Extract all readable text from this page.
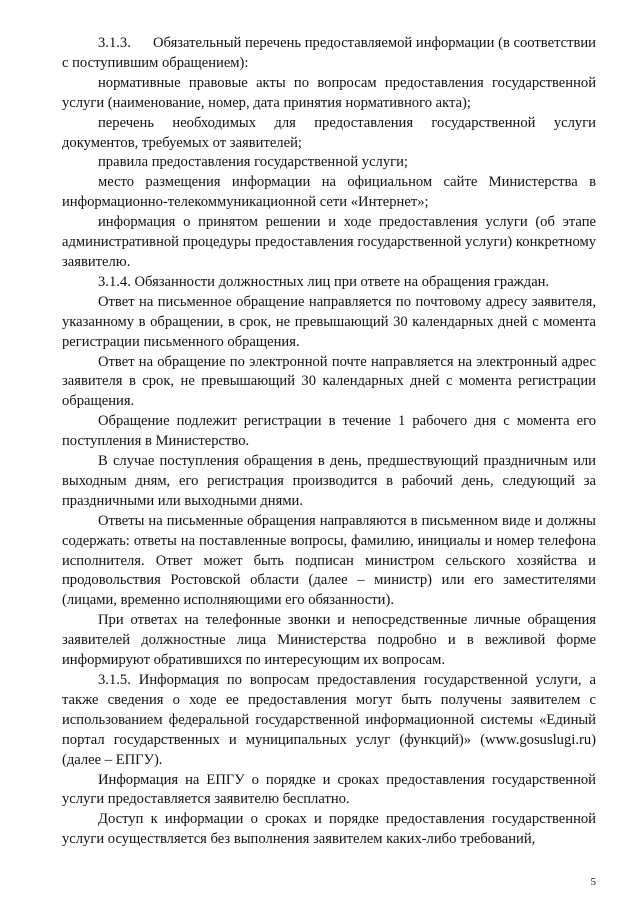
3.1.3.      Обязательный перечень предоставляемой информации (в соответствии с поступившим обращением):

нормативные правовые акты по вопросам предоставления государственной услуги (наименование, номер, дата принятия нормативного акта);

перечень необходимых для предоставления государственной услуги документов, требуемых от заявителей;

правила предоставления государственной услуги;

место размещения информации на официальном сайте Министерства в информационно-телекоммуникационной сети «Интернет»;

информация о принятом решении и ходе предоставления услуги (об этапе административной процедуры предоставления государственной услуги) конкретному заявителю.

3.1.4. Обязанности должностных лиц при ответе на обращения граждан.

Ответ на письменное обращение направляется по почтовому адресу заявителя, указанному в обращении, в срок, не превышающий 30 календарных дней с момента регистрации письменного обращения.

Ответ на обращение по электронной почте направляется на электронный адрес заявителя в срок, не превышающий 30 календарных дней с момента регистрации обращения.

Обращение подлежит регистрации в течение 1 рабочего дня с момента его поступления в Министерство.

В случае поступления обращения в день, предшествующий праздничным или выходным дням, его регистрация производится в рабочий день, следующий за праздничными или выходными днями.

Ответы на письменные обращения направляются в письменном виде и должны содержать: ответы на поставленные вопросы, фамилию, инициалы и номер телефона исполнителя. Ответ может быть подписан министром сельского хозяйства и продовольствия Ростовской области (далее – министр) или его заместителями (лицами, временно исполняющими его обязанности).

При ответах на телефонные звонки и непосредственные личные обращения заявителей должностные лица Министерства подробно и в вежливой форме информируют обратившихся по интересующим их вопросам.

3.1.5. Информация по вопросам предоставления государственной услуги, а также сведения о ходе ее предоставления могут быть получены заявителем с использованием федеральной государственной информационной системы «Единый портал государственных и муниципальных услуг (функций)» (www.gosuslugi.ru) (далее – ЕПГУ).

Информация на ЕПГУ о порядке и сроках предоставления государственной услуги предоставляется заявителю бесплатно.

Доступ к информации о сроках и порядке предоставления государственной услуги осуществляется без выполнения заявителем каких-либо требований,

5
